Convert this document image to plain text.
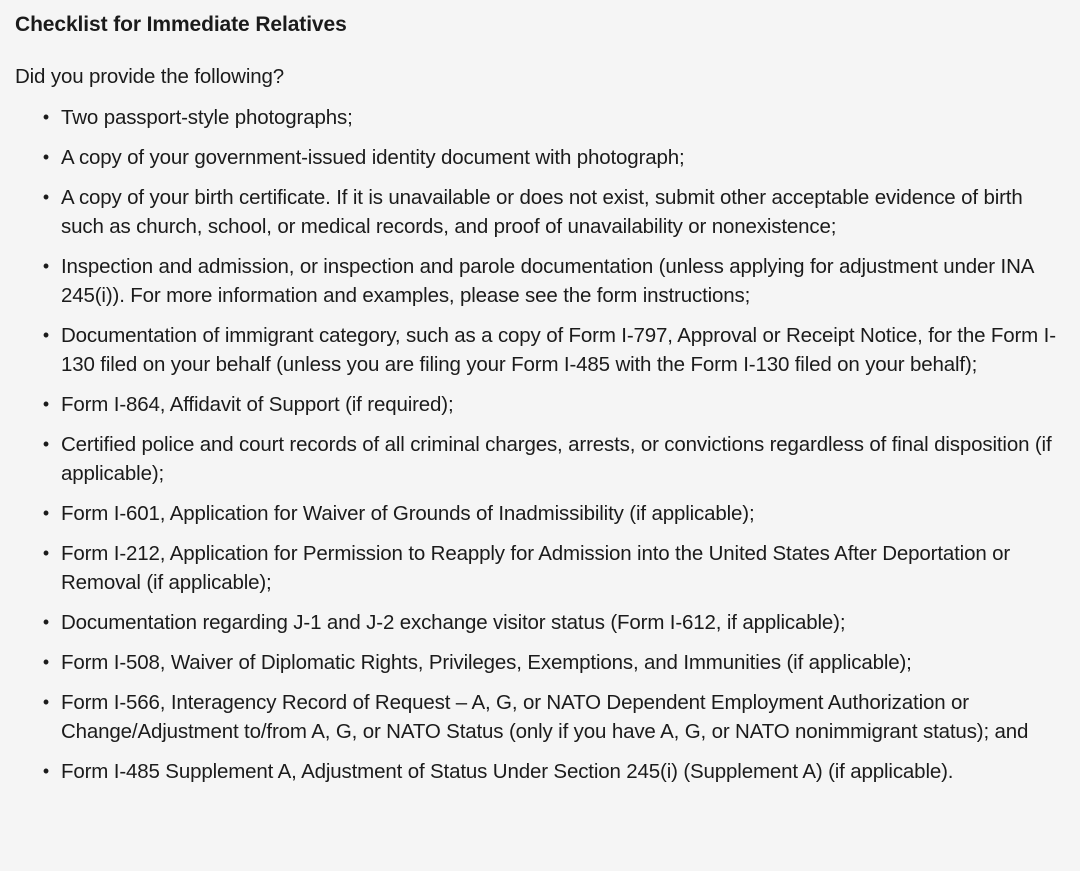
Checklist for Immediate Relatives

Did you provide the following?

• Two passport-style photographs;
• A copy of your government-issued identity document with photograph;
• A copy of your birth certificate. If it is unavailable or does not exist, submit other acceptable evidence of birth such as church, school, or medical records, and proof of unavailability or nonexistence;
• Inspection and admission, or inspection and parole documentation (unless applying for adjustment under INA 245(i)). For more information and examples, please see the form instructions;
• Documentation of immigrant category, such as a copy of Form I-797, Approval or Receipt Notice, for the Form I-130 filed on your behalf (unless you are filing your Form I-485 with the Form I-130 filed on your behalf);
• Form I-864, Affidavit of Support (if required);
• Certified police and court records of all criminal charges, arrests, or convictions regardless of final disposition (if applicable);
• Form I-601, Application for Waiver of Grounds of Inadmissibility (if applicable);
• Form I-212, Application for Permission to Reapply for Admission into the United States After Deportation or Removal (if applicable);
• Documentation regarding J-1 and J-2 exchange visitor status (Form I-612, if applicable);
• Form I-508, Waiver of Diplomatic Rights, Privileges, Exemptions, and Immunities (if applicable);
• Form I-566, Interagency Record of Request – A, G, or NATO Dependent Employment Authorization or Change/Adjustment to/from A, G, or NATO Status (only if you have A, G, or NATO nonimmigrant status); and
• Form I-485 Supplement A, Adjustment of Status Under Section 245(i) (Supplement A) (if applicable).
